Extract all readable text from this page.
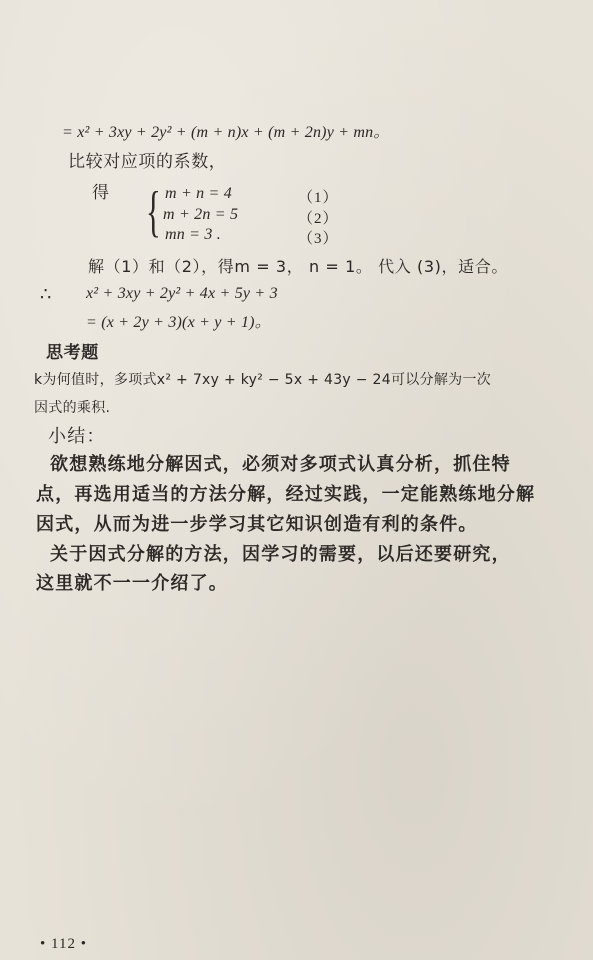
= x² + 3xy + 2y² + (m + n)x + (m + 2n)y + mn。
比较对应项的系数，
得 { m + n = 4	（1）
m + 2n = 5	（2）
mn = 3 .	（3）
解（1）和（2），得m = 3， n = 1。 代入 (3)，适合。
∴ x² + 3xy + 2y² + 4x + 5y + 3
= (x + 2y + 3)(x + y + 1)。
思考题
k为何值时，多项式x² + 7xy + ky² − 5x + 43y − 24可以分解为一次
因式的乘积.
小结：
欲想熟练地分解因式，必须对多项式认真分析，抓住特
点，再选用适当的方法分解，经过实践，一定能熟练地分解
因式，从而为进一步学习其它知识创造有利的条件。
关于因式分解的方法，因学习的需要，以后还要研究，
这里就不一一介绍了。
• 112 •
